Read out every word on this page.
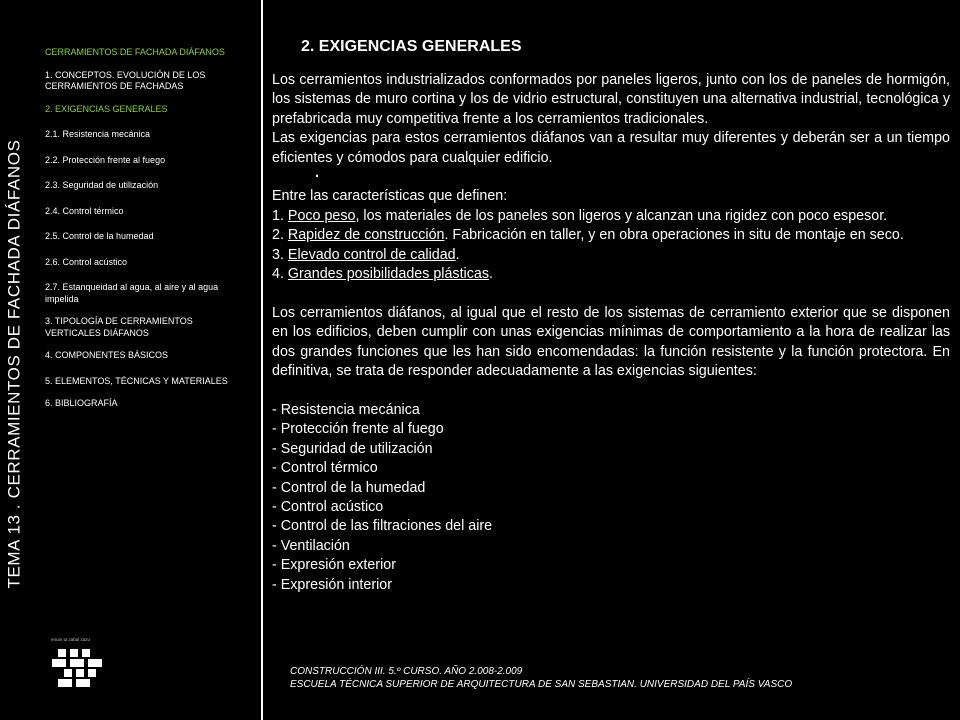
TEMA 13 . CERRAMIENTOS DE FACHADA DIÁFANOS

CERRAMIENTOS DE FACHADA DIÁFANOS

1. CONCEPTOS. EVOLUCIÓN DE LOS CERRAMIENTOS DE FACHADAS

2. EXIGENCIAS GENERALES

2.1. Resistencia mecánica

2.2. Protección frente al fuego

2.3. Seguridad de utilización

2.4. Control térmico

2.5. Control de la humedad

2.6. Control acústico

2.7. Estanqueidad al agua, al aire y al agua impelida

3. TIPOLOGÍA DE CERRAMIENTOS VERTICALES DIÁFANOS

4. COMPONENTES BÁSICOS

5. ELEMENTOS, TÉCNICAS Y MATERIALES

6. BIBLIOGRAFÍA

eman ta zabal zazu
2. EXIGENCIAS GENERALES

Los cerramientos industrializados conformados por paneles ligeros, junto con los de paneles de hormigón, los sistemas de muro cortina y los de vidrio estructural, constituyen una alternativa industrial, tecnológica y prefabricada muy competitiva frente a los cerramientos tradicionales.

Las exigencias para estos cerramientos diáfanos van a resultar muy diferentes y deberán ser a un tiempo eficientes y cómodos para cualquier edificio.

·

Entre las características que definen:

1. Poco peso, los materiales de los paneles son ligeros y alcanzan una rigidez con poco espesor.

2. Rapidez de construcción. Fabricación en taller, y en obra operaciones in situ de montaje en seco.

3. Elevado control de calidad.

4. Grandes posibilidades plásticas.

Los cerramientos diáfanos, al igual que el resto de los sistemas de cerramiento exterior que se disponen en los edificios, deben cumplir con unas exigencias mínimas de comportamiento a la hora de realizar las dos grandes funciones que les han sido encomendadas: la función resistente y la función protectora. En definitiva, se trata de responder adecuadamente a las exigencias siguientes:

- Resistencia mecánica

- Protección frente al fuego

- Seguridad de utilización

- Control térmico

- Control de la humedad

- Control acústico

- Control de las filtraciones del aire

- Ventilación

- Expresión exterior

- Expresión interior

CONSTRUCCIÓN III. 5.º CURSO. AÑO 2.008-2.009
ESCUELA TÉCNICA SUPERIOR DE ARQUITECTURA DE SAN SEBASTIAN. UNIVERSIDAD DEL PAÍS VASCO
